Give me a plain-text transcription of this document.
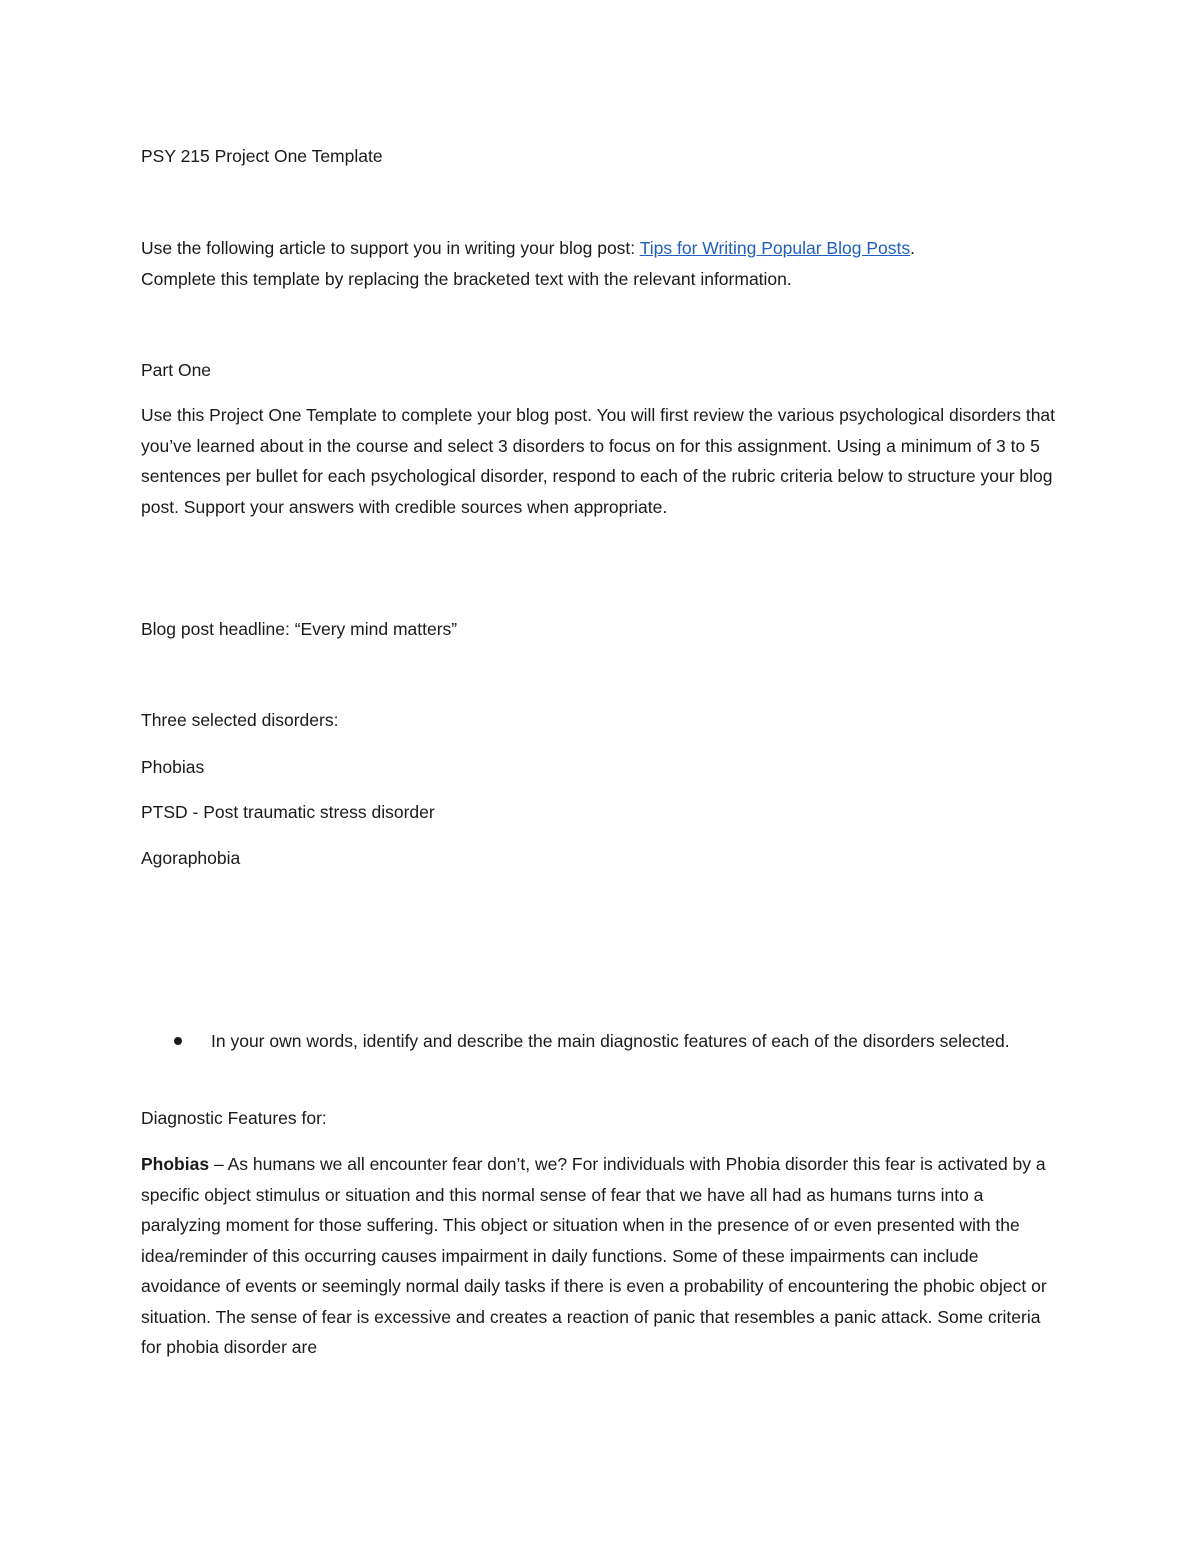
PSY 215 Project One Template

Use the following article to support you in writing your blog post: Tips for Writing Popular Blog Posts.
Complete this template by replacing the bracketed text with the relevant information.

Part One

Use this Project One Template to complete your blog post. You will first review the various psychological disorders that you’ve learned about in the course and select 3 disorders to focus on for this assignment. Using a minimum of 3 to 5 sentences per bullet for each psychological disorder, respond to each of the rubric criteria below to structure your blog post. Support your answers with credible sources when appropriate.

Blog post headline: “Every mind matters”

Three selected disorders:

Phobias

PTSD - Post traumatic stress disorder

Agoraphobia

In your own words, identify and describe the main diagnostic features of each of the disorders selected.

Diagnostic Features for:

Phobias – As humans we all encounter fear don’t, we? For individuals with Phobia disorder this fear is activated by a specific object stimulus or situation and this normal sense of fear that we have all had as humans turns into a paralyzing moment for those suffering. This object or situation when in the presence of or even presented with the idea/reminder of this occurring causes impairment in daily functions. Some of these impairments can include avoidance of events or seemingly normal daily tasks if there is even a probability of encountering the phobic object or situation. The sense of fear is excessive and creates a reaction of panic that resembles a panic attack. Some criteria for phobia disorder are
